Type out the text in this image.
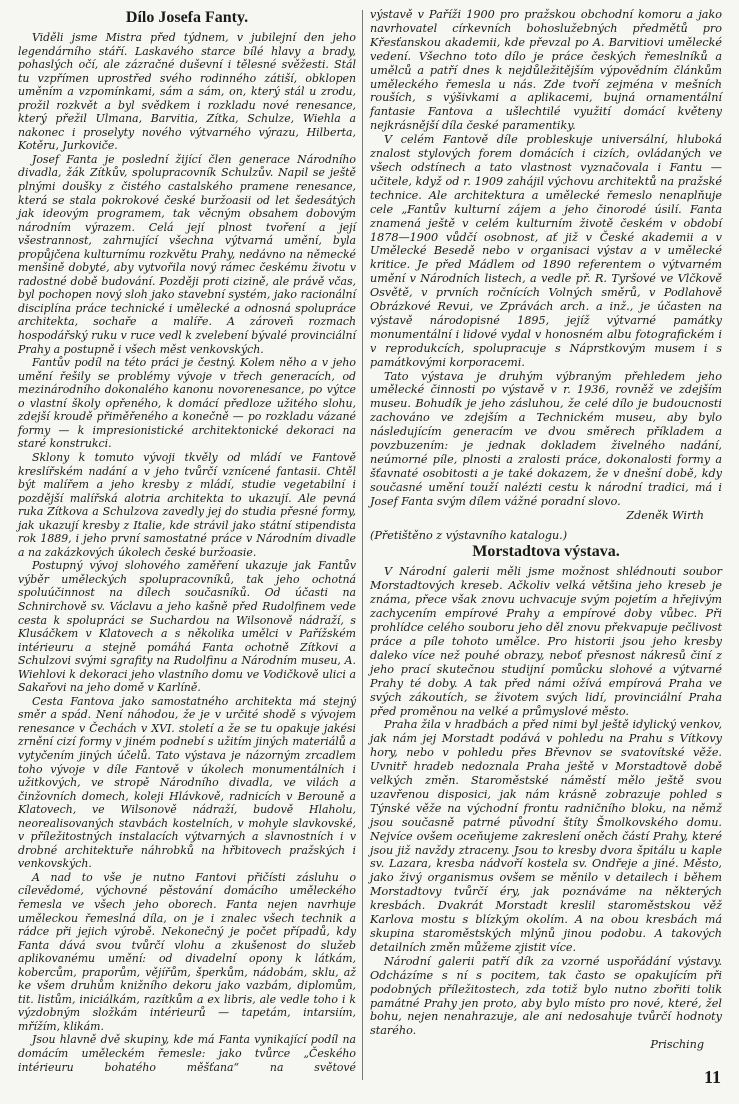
Dílo Josefa Fanty.

Viděli jsme Mistra před týdnem, v jubilejní den jeho legendárního stáří. Laskavého starce bílé hlavy a brady, pohaslých očí, ale zázračné duševní i tělesné svěžesti. Stál tu vzpřímen uprostřed svého rodinného zátiší, obklopen uměním a vzpomínkami, sám a sám, on, který stál u zrodu, prožil rozkvět a byl svědkem i rozkladu nové renesance, který přežil Ulmana, Barvitia, Zítka, Schulze, Wiehla a nakonec i proselyty nového výtvarného výrazu, Hilberta, Kotěru, Jurkoviče.

Josef Fanta je poslední žijící člen generace Národního divadla, žák Zítkův, spolupracovník Schulzův. Napil se ještě plnými doušky z čistého castalského pramene renesance, která se stala pokrokové české buržoasii od let šedesátých jak ideovým programem, tak věcným obsahem dobovým národním výrazem. Celá její plnost tvoření a její všestrannost, zahrnující všechna výtvarná umění, byla propůjčena kulturnímu rozkvětu Prahy, nedávno na německé menšině dobyté, aby vytvořila nový rámec českému životu v radostné době budování. Později proti cizině, ale právě včas, byl pochopen nový sloh jako stavební systém, jako racionální disciplína práce technické i umělecké a odnosná spolupráce architekta, sochaře a malíře. A zároveň rozmach hospodářský ruku v ruce vedl k zvelebení bývalé provinciální Prahy a postupně i všech měst venkovských.

Fantův podíl na této práci je čestný. Kolem něho a v jeho umění řešily se problémy vývoje v třech generacích, od mezinárodního dokonalého kanonu novorenesance, po výtce o vlastní školy opřeného, k domácí předloze užitého slohu, zdejší kroudě přiměřeného a konečně — po rozkladu vázané formy — k impresionistické architektonické dekoraci na staré konstrukci.

Sklony k tomuto vývoji tkvěly od mládí ve Fantově kreslířském nadání a v jeho tvůrčí vznícené fantasii. Chtěl být malířem a jeho kresby z mládí, studie vegetabilní i pozdější malířská alotria architekta to ukazují. Ale pevná ruka Zítkova a Schulzova zavedly jej do studia přesné formy, jak ukazují kresby z Italie, kde strávil jako státní stipendista rok 1889, i jeho první samostatné práce v Národním divadle a na zakázkových úkolech české buržoasie.

Postupný vývoj slohového zaměření ukazuje jak Fantův výběr uměleckých spolupracovníků, tak jeho ochotná spoluúčinnost na dílech současníků. Od účasti na Schnirchově sv. Václavu a jeho kašně před Rudolfinem vede cesta k spolupráci se Suchardou na Wilsonově nádraží, s Klusáčkem v Klatovech a s několika umělci v Pařížském intérieuru a stejně pomáhá Fanta ochotně Zítkovi a Schulzovi svými sgrafity na Rudolfinu a Národním museu, A. Wiehlovi k dekoraci jeho vlastního domu ve Vodičkově ulici a Sakařovi na jeho domě v Karlíně.

Cesta Fantova jako samostatného architekta má stejný směr a spád. Není náhodou, že je v určité shodě s vývojem renesance v Čechách v XVI. století a že se tu opakuje jakési zrnění cizí formy v jiném podnebí s užitím jiných materiálů a vytyčením jiných účelů. Tato výstava je názorným zrcadlem toho vývoje v díle Fantově v úkolech monumentálních i užitkových, ve stropě Národního divadla, ve vilách a činžovních domech, koleji Hlávkově, radnicích v Berouně a Klatovech, ve Wilsonově nádraží, budově Hlaholu, neorealisovaných stavbách kostelních, v mohyle slavkovské, v příležitostných instalacích výtvarných a slavnostních i v drobné architektuře náhrobků na hřbitovech pražských i venkovských.

A nad to vše je nutno Fantovi přičísti zásluhu o cílevědomé, výchovné pěstování domácího uměleckého řemesla ve všech jeho oborech. Fanta nejen navrhuje uměleckou řemeslná díla, on je i znalec všech technik a rádce při jejich výrobě. Nekonečný je počet případů, kdy Fanta dává svou tvůrčí vlohu a zkušenost do služeb aplikovanému umění: od divadelní opony k látkám, kobercům, praporům, vějířům, šperkům, nádobám, sklu, až ke všem druhům knižního dekoru jako vazbám, diplomům, tit. listům, iniciálkám, razítkům a ex libris, ale vedle toho i k výzdobným složkám intérieurů — tapetám, intarsiím, mřížím, klikám.

Jsou hlavně dvě skupiny, kde má Fanta vynikající podíl na domácím uměleckém řemesle: jako tvůrce „Českého intérieuru bohatého měšťana“ na světové

výstavě v Paříži 1900 pro pražskou obchodní komoru a jako navrhovatel církevních bohoslužebných předmětů pro Křesťanskou akademii, kde převzal po A. Barvitiovi umělecké vedení. Všechno toto dílo je práce českých řemeslníků a umělců a patří dnes k nejdůležitějším výpovědním článkům uměleckého řemesla u nás. Zde tvoří zejména v mešních rouších, s výšivkami a aplikacemi, bujná ornamentální fantasie Fantova a ušlechtilé využití domácí květeny nejkrásnější díla české paramentiky.

V celém Fantově díle probleskuje universální, hluboká znalost stylových forem domácích i cizích, ovládaných ve všech odstínech a tato vlastnost vyznačovala i Fantu — učitele, když od r. 1909 zahájil výchovu architektů na pražské technice. Ale architektura a umělecké řemeslo nenaplňuje cele „Fantův kulturní zájem a jeho činorodé úsilí. Fanta znamená ještě v celém kulturním životě českém v období 1878—1900 vůdčí osobnost, ať již v České akademii a v Umělecké Besedě nebo v organisaci výstav a v umělecké kritice. Je před Mádlem od 1890 referentem o výtvarném umění v Národních listech, a vedle př. R. Tyršové ve Vlčkově Osvětě, v prvních ročnících Volných směrů, v Podlahově Obrázkové Revui, ve Zprávách arch. a inž., je účasten na výstavě národopisné 1895, jejíž výtvarné památky monumentální i lidové vydal v honosném albu fotografickém i v reprodukcích, spolupracuje s Náprstkovým musem i s památkovými korporacemi.

Tato výstava je druhým výbraným přehledem jeho umělecké činnosti po výstavě v r. 1936, rovněž ve zdejším museu. Bohudík je jeho zásluhou, že celé dílo je budoucnosti zachováno ve zdejším a Technickém museu, aby bylo následujícím generacím ve dvou směrech příkladem a povzbuzením: je jednak dokladem živelného nadání, neúmorné píle, plnosti a zralosti práce, dokonalosti formy a šťavnaté osobitosti a je také dokazem, že v dnešní době, kdy současné umění touží nalézti cestu k národní tradici, má i Josef Fanta svým dílem vážné poradní slovo.

Zdeněk Wirth

(Přetištěno z výstavního katalogu.)

Morstadtova výstava.

V Národní galerii měli jsme možnost shlédnouti soubor Morstadtových kreseb. Ačkoliv velká většina jeho kreseb je známa, přece však znovu uchvacuje svým pojetím a hřejivým zachycením empírové Prahy a empírové doby vůbec. Při prohlídce celého souboru jeho děl znovu překvapuje pečlivost práce a píle tohoto umělce. Pro historii jsou jeho kresby daleko více než pouhé obrazy, neboť přesnost nákresů činí z jeho prací skutečnou studijní pomůcku slohové a výtvarné Prahy té doby. A tak před námi ožívá empírová Praha ve svých zákoutích, se životem svých lidí, provinciální Praha před proměnou na velké a průmyslové město.

Praha žila v hradbách a před nimi byl ještě idylický venkov, jak nám jej Morstadt podává v pohledu na Prahu s Vítkovy hory, nebo v pohledu přes Břevnov se svatovítské věže. Uvnitř hradeb nedoznala Praha ještě v Morstadtově době velkých změn. Staroměstské náměstí mělo ještě svou uzavřenou disposici, jak nám krásně zobrazuje pohled s Týnské věže na východní frontu radničního bloku, na němž jsou současně patrné původní štíty Šmolkovského domu. Nejvíce ovšem oceňujeme zakreslení oněch částí Prahy, které jsou již navždy ztraceny. Jsou to kresby dvora špitálu u kaple sv. Lazara, kresba nádvoří kostela sv. Ondřeje a jiné. Město, jako živý organismus ovšem se měnilo v detailech i během Morstadtovy tvůrčí éry, jak poznáváme na některých kresbách. Dvakrát Morstadt kreslil staroměstskou věž Karlova mostu s blízkým okolím. A na obou kresbách má skupina staroměstských mlýnů jinou podobu. A takových detailních změn můžeme zjistit více.

Národní galerii patří dík za vzorné uspořádání výstavy. Odcházíme s ní s pocitem, tak často se opakujícím při podobných příležitostech, zda totiž bylo nutno zbořiti tolik památné Prahy jen proto, aby bylo místo pro nové, které, žel bohu, nejen nenahrazuje, ale ani nedosahuje tvůrčí hodnoty starého.

Prisching

11
